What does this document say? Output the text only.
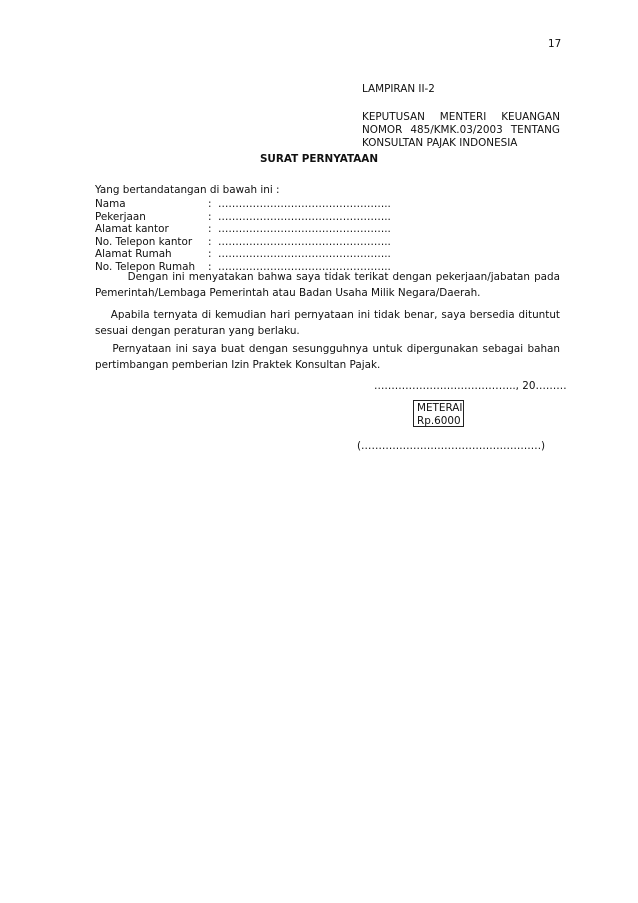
17
LAMPIRAN II-2
KEPUTUSAN MENTERI KEUANGAN
NOMOR 485/KMK.03/2003 TENTANG
KONSULTAN PAJAK INDONESIA
SURAT PERNYATAAN
Yang bertandatangan di bawah ini :
Nama	: …………………………………………..
Pekerjaan	: …………………………………………..
Alamat kantor	: …………………………………………..
No. Telepon kantor : …………………………………………..
Alamat Rumah	: …………………………………………..
No. Telepon Rumah : …………………………………………..
Dengan ini menyatakan bahwa saya tidak terikat dengan pekerjaan/jabatan pada
Pemerintah/Lembaga Pemerintah atau Badan Usaha Milik Negara/Daerah.
Apabila ternyata di kemudian hari pernyataan ini tidak benar, saya bersedia dituntut
sesuai dengan peraturan yang berlaku.
Pernyataan ini saya buat dengan sesungguhnya untuk dipergunakan sebagai bahan
pertimbangan pemberian Izin Praktek Konsultan Pajak.
………………………………….., 20………
METERAI
Rp.6000
(…………………………………………….)
